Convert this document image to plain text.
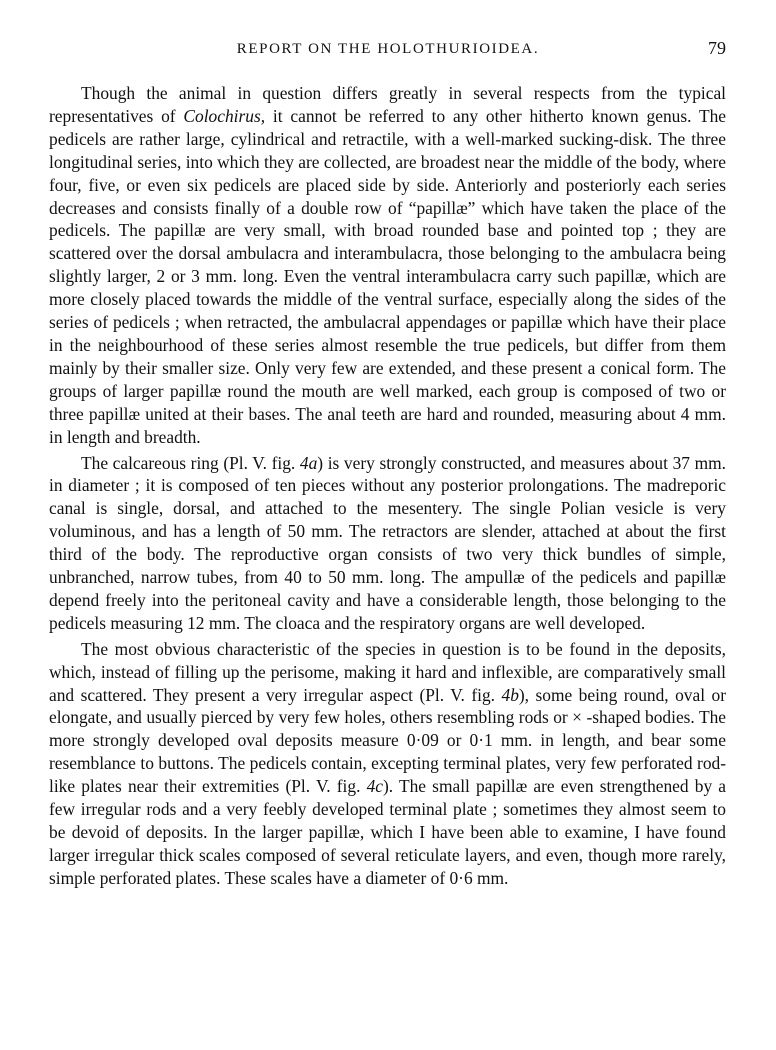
REPORT ON THE HOLOTHURIOIDEA.	79

Though the animal in question differs greatly in several respects from the typical representatives of Colochirus, it cannot be referred to any other hitherto known genus. The pedicels are rather large, cylindrical and retractile, with a well-marked sucking-disk. The three longitudinal series, into which they are collected, are broadest near the middle of the body, where four, five, or even six pedicels are placed side by side. Anteriorly and posteriorly each series decreases and consists finally of a double row of “papillæ” which have taken the place of the pedicels. The papillæ are very small, with broad rounded base and pointed top ; they are scattered over the dorsal ambulacra and interambulacra, those belonging to the ambulacra being slightly larger, 2 or 3 mm. long. Even the ventral interambulacra carry such papillæ, which are more closely placed towards the middle of the ventral surface, especially along the sides of the series of pedicels ; when retracted, the ambulacral appendages or papillæ which have their place in the neighbourhood of these series almost resemble the true pedicels, but differ from them mainly by their smaller size. Only very few are extended, and these present a conical form. The groups of larger papillæ round the mouth are well marked, each group is composed of two or three papillæ united at their bases. The anal teeth are hard and rounded, measuring about 4 mm. in length and breadth.

The calcareous ring (Pl. V. fig. 4a) is very strongly constructed, and measures about 37 mm. in diameter ; it is composed of ten pieces without any posterior prolongations. The madreporic canal is single, dorsal, and attached to the mesentery. The single Polian vesicle is very voluminous, and has a length of 50 mm. The retractors are slender, attached at about the first third of the body. The reproductive organ consists of two very thick bundles of simple, unbranched, narrow tubes, from 40 to 50 mm. long. The ampullæ of the pedicels and papillæ depend freely into the peritoneal cavity and have a considerable length, those belonging to the pedicels measuring 12 mm. The cloaca and the respiratory organs are well developed.

The most obvious characteristic of the species in question is to be found in the deposits, which, instead of filling up the perisome, making it hard and inflexible, are comparatively small and scattered. They present a very irregular aspect (Pl. V. fig. 4b), some being round, oval or elongate, and usually pierced by very few holes, others resembling rods or × -shaped bodies. The more strongly developed oval deposits measure 0·09 or 0·1 mm. in length, and bear some resemblance to buttons. The pedicels contain, excepting terminal plates, very few perforated rod-like plates near their extremities (Pl. V. fig. 4c). The small papillæ are even strengthened by a few irregular rods and a very feebly developed terminal plate ; sometimes they almost seem to be devoid of deposits. In the larger papillæ, which I have been able to examine, I have found larger irregular thick scales composed of several reticulate layers, and even, though more rarely, simple perforated plates. These scales have a diameter of 0·6 mm.
